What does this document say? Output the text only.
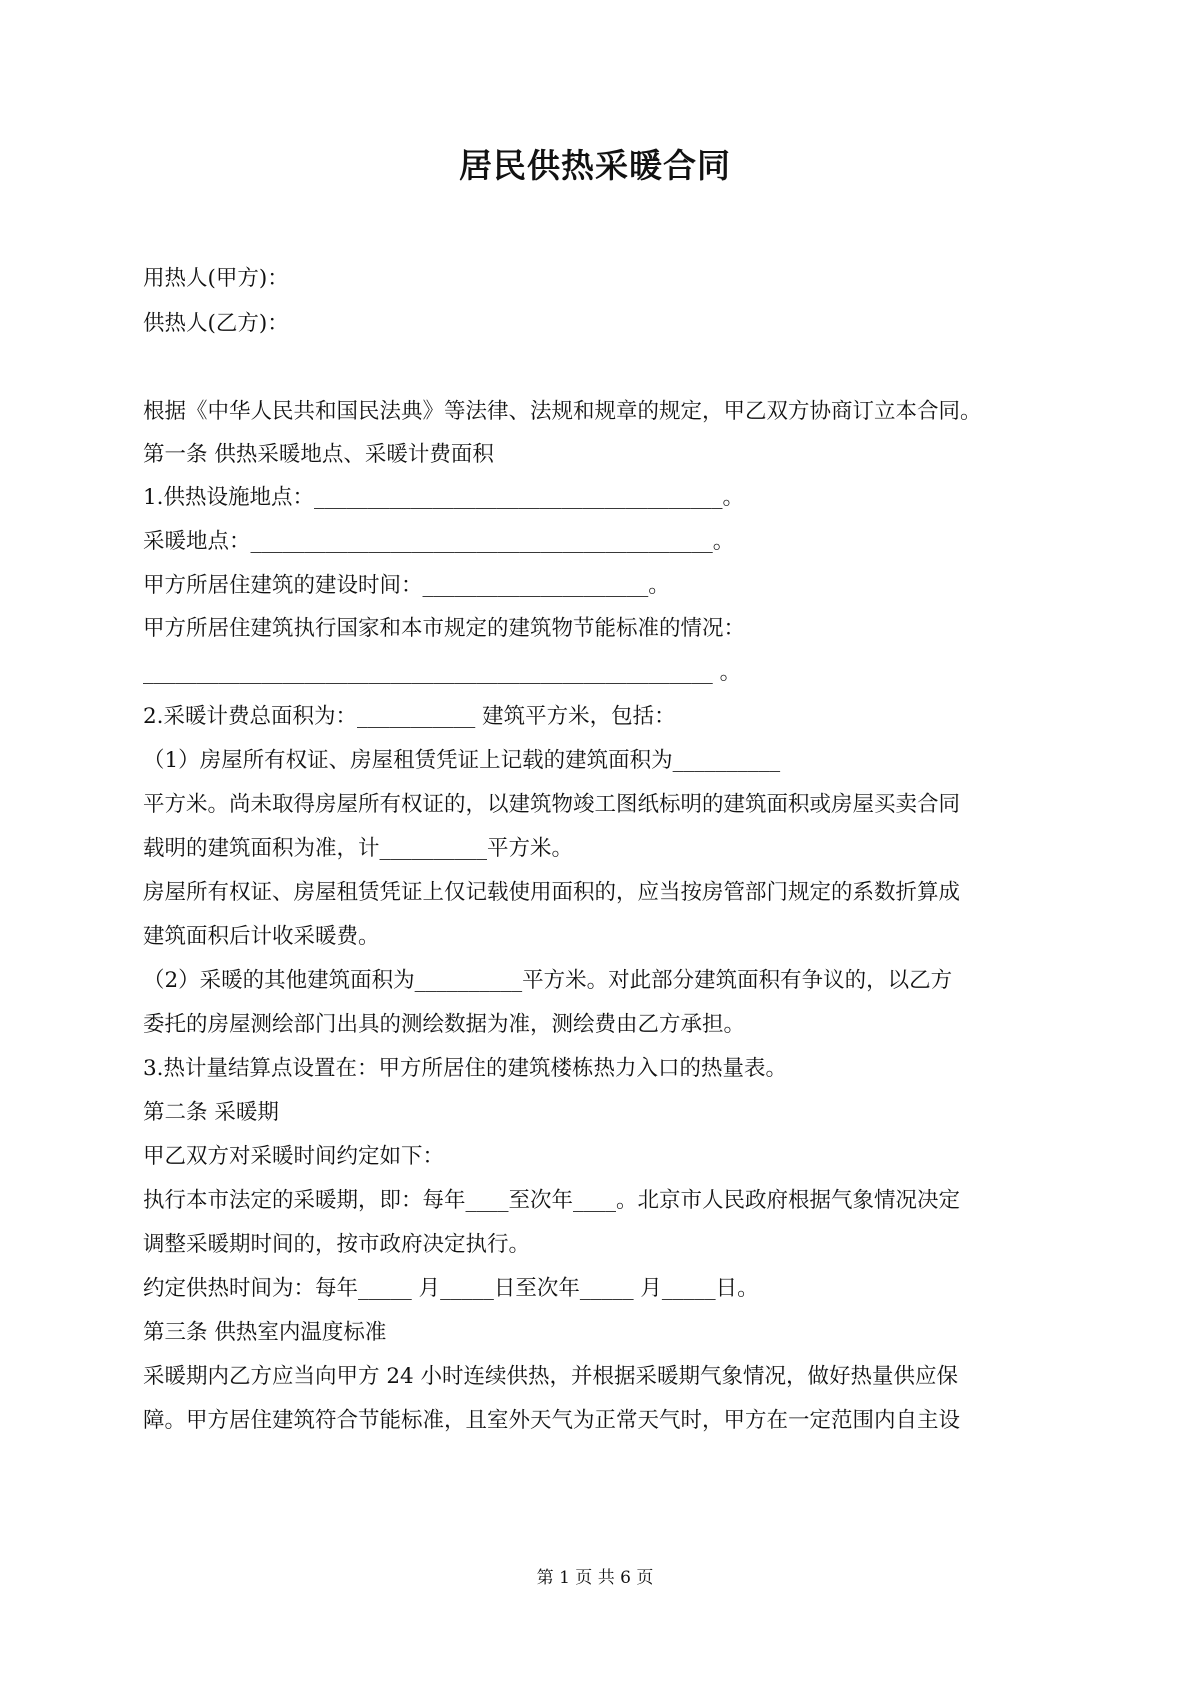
居民供热采暖合同

用热人(甲方)：

供热人(乙方)：

根据《中华人民共和国民法典》等法律、法规和规章的规定，甲乙双方协商订立本合同。

第一条 供热采暖地点、采暖计费面积

1.供热设施地点：______________________________________。

采暖地点：___________________________________________。

甲方所居住建筑的建设时间：_____________________。

甲方所居住建筑执行国家和本市规定的建筑物节能标准的情况：

_____________________________________________________ 。

2.采暖计费总面积为：___________ 建筑平方米，包括：

（1）房屋所有权证、房屋租赁凭证上记载的建筑面积为__________

平方米。尚未取得房屋所有权证的，以建筑物竣工图纸标明的建筑面积或房屋买卖合同

载明的建筑面积为准，计__________平方米。

房屋所有权证、房屋租赁凭证上仅记载使用面积的，应当按房管部门规定的系数折算成

建筑面积后计收采暖费。

（2）采暖的其他建筑面积为__________平方米。对此部分建筑面积有争议的，以乙方

委托的房屋测绘部门出具的测绘数据为准，测绘费由乙方承担。

3.热计量结算点设置在：甲方所居住的建筑楼栋热力入口的热量表。

第二条 采暖期

甲乙双方对采暖时间约定如下：

执行本市法定的采暖期，即：每年____至次年____。北京市人民政府根据气象情况决定

调整采暖期时间的，按市政府决定执行。

约定供热时间为：每年_____ 月_____日至次年_____ 月_____日。

第三条 供热室内温度标准

采暖期内乙方应当向甲方 24 小时连续供热，并根据采暖期气象情况，做好热量供应保

障。甲方居住建筑符合节能标准，且室外天气为正常天气时，甲方在一定范围内自主设

第 1 页 共 6 页
